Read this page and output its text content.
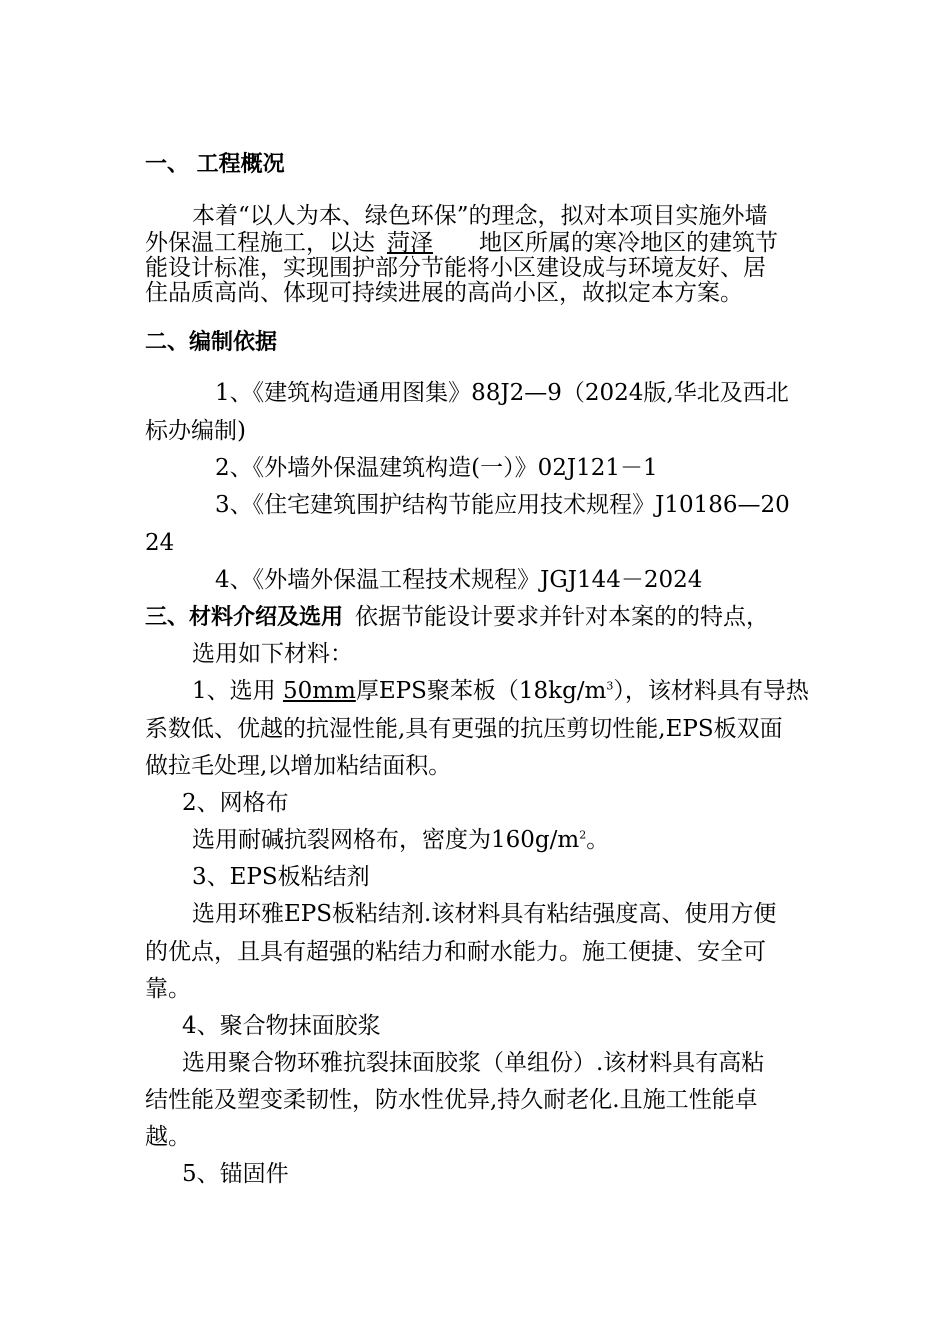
一、 工程概况
本着“以人为本、绿色环保”的理念，拟对本项目实施外墙
外保温工程施工，以达 菏泽 地区所属的寒冷地区的建筑节
能设计标准，实现围护部分节能将小区建设成与环境友好、居
住品质高尚、体现可持续进展的高尚小区，故拟定本方案。
二、编制依据
1、《建筑构造通用图集》88J2—9（2024版,华北及西北
标办编制)
2、《外墙外保温建筑构造(一）》02J121－1
3、《住宅建筑围护结构节能应用技术规程》J10186—20
24
4、《外墙外保温工程技术规程》JGJ144－2024
三、材料介绍及选用 依据节能设计要求并针对本案的的特点，
选用如下材料：
1、选用 50mm厚EPS聚苯板$(18kg/m^3)$，该材料具有导热
系数低、优越的抗湿性能,具有更强的抗压剪切性能,EPS板双面
做拉毛处理,以增加粘结面积。
2、网格布
选用耐碱抗裂网格布，密度为$160g/m^2$。
3、EPS板粘结剂
选用环雅EPS板粘结剂.该材料具有粘结强度高、使用方便
的优点，且具有超强的粘结力和耐水能力。施工便捷、安全可
靠。
4、聚合物抹面胶浆
选用聚合物环雅抗裂抹面胶浆（单组份）.该材料具有高粘
结性能及塑变柔韧性，防水性优异,持久耐老化.且施工性能卓
越。
5、锚固件
